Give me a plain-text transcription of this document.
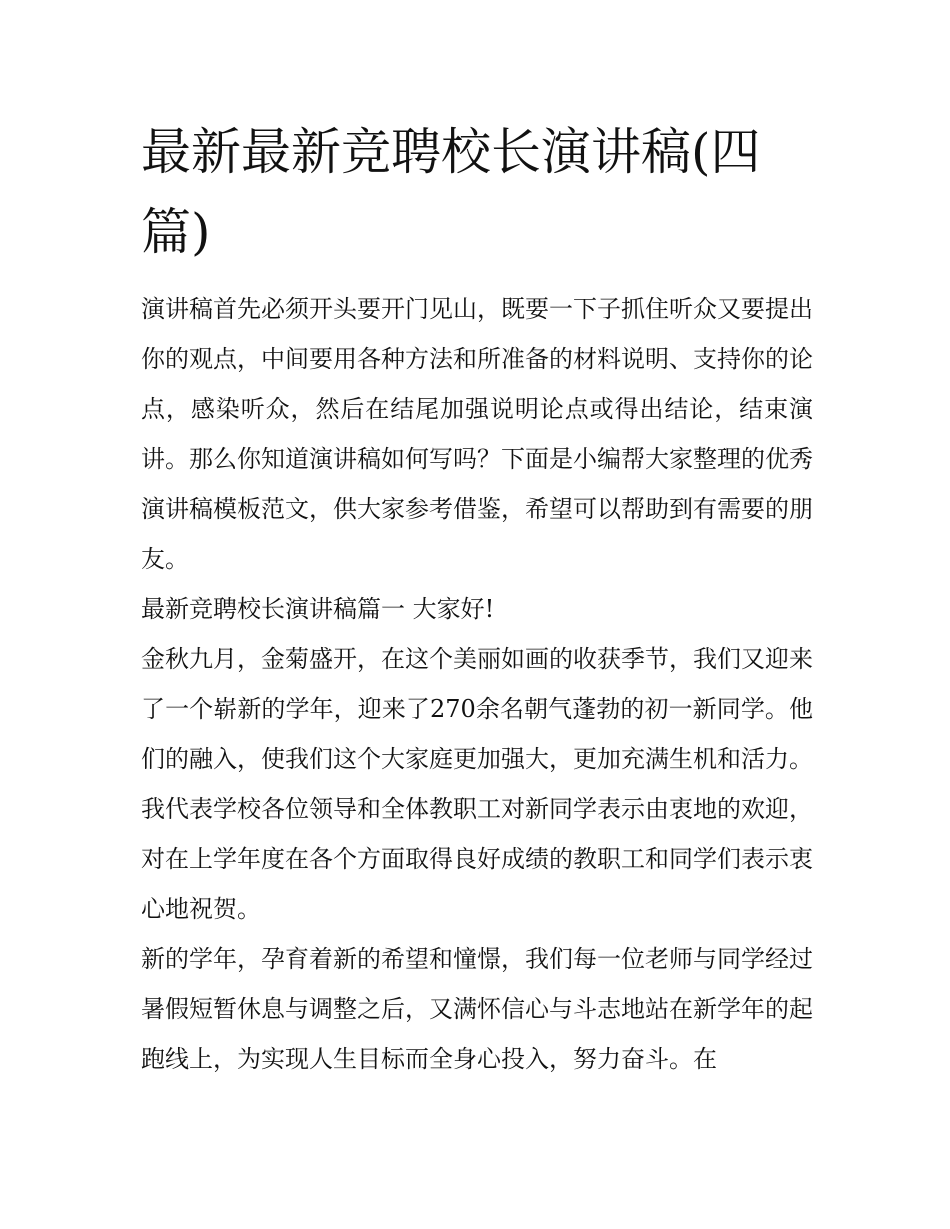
最新最新竞聘校长演讲稿(四篇)

演讲稿首先必须开头要开门见山，既要一下子抓住听众又要提出你的观点，中间要用各种方法和所准备的材料说明、支持你的论点，感染听众，然后在结尾加强说明论点或得出结论，结束演讲。那么你知道演讲稿如何写吗？下面是小编帮大家整理的优秀演讲稿模板范文，供大家参考借鉴，希望可以帮助到有需要的朋友。

最新竞聘校长演讲稿篇一 大家好!

金秋九月，金菊盛开，在这个美丽如画的收获季节，我们又迎来了一个崭新的学年，迎来了270余名朝气蓬勃的初一新同学。他们的融入，使我们这个大家庭更加强大，更加充满生机和活力。我代表学校各位领导和全体教职工对新同学表示由衷地的欢迎，对在上学年度在各个方面取得良好成绩的教职工和同学们表示衷心地祝贺。

新的学年，孕育着新的希望和憧憬，我们每一位老师与同学经过暑假短暂休息与调整之后，又满怀信心与斗志地站在新学年的起跑线上，为实现人生目标而全身心投入，努力奋斗。在
